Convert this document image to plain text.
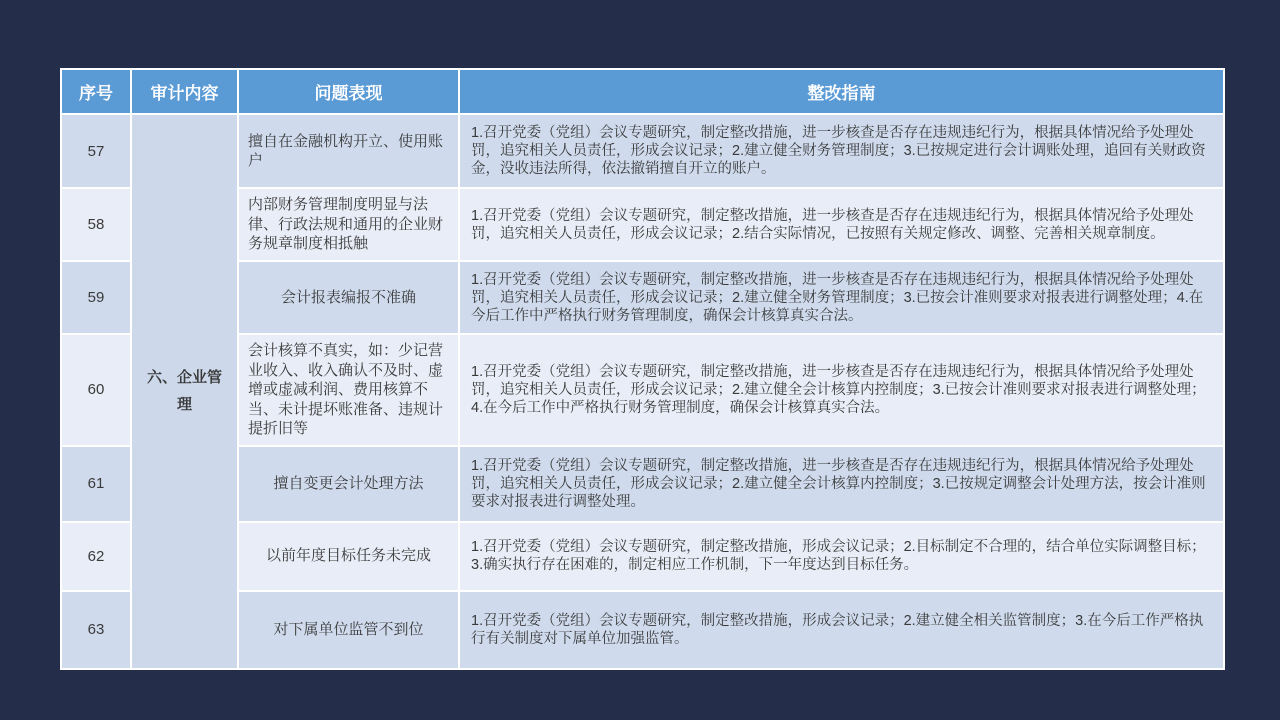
序号	审计内容	问题表现	整改指南
57	六、企业管理	擅自在金融机构开立、使用账户	1.召开党委（党组）会议专题研究，制定整改措施，进一步核查是否存在违规违纪行为，根据具体情况给予处理处罚，追究相关人员责任，形成会议记录；2.建立健全财务管理制度；3.已按规定进行会计调账处理，追回有关财政资金，没收违法所得，依法撤销擅自开立的账户。
58		内部财务管理制度明显与法律、行政法规和通用的企业财务规章制度相抵触	1.召开党委（党组）会议专题研究，制定整改措施，进一步核查是否存在违规违纪行为，根据具体情况给予处理处罚，追究相关人员责任，形成会议记录；2.结合实际情况，已按照有关规定修改、调整、完善相关规章制度。
59		会计报表编报不准确	1.召开党委（党组）会议专题研究，制定整改措施，进一步核查是否存在违规违纪行为，根据具体情况给予处理处罚，追究相关人员责任，形成会议记录；2.建立健全财务管理制度；3.已按会计准则要求对报表进行调整处理；4.在今后工作中严格执行财务管理制度，确保会计核算真实合法。
60		会计核算不真实，如：少记营业收入、收入确认不及时、虚增或虚减利润、费用核算不当、未计提坏账准备、违规计提折旧等	1.召开党委（党组）会议专题研究，制定整改措施，进一步核查是否存在违规违纪行为，根据具体情况给予处理处罚，追究相关人员责任，形成会议记录；2.建立健全会计核算内控制度；3.已按会计准则要求对报表进行调整处理；4.在今后工作中严格执行财务管理制度，确保会计核算真实合法。
61		擅自变更会计处理方法	1.召开党委（党组）会议专题研究，制定整改措施，进一步核查是否存在违规违纪行为，根据具体情况给予处理处罚，追究相关人员责任，形成会议记录；2.建立健全会计核算内控制度；3.已按规定调整会计处理方法，按会计准则要求对报表进行调整处理。
62		以前年度目标任务未完成	1.召开党委（党组）会议专题研究，制定整改措施，形成会议记录；2.目标制定不合理的，结合单位实际调整目标；3.确实执行存在困难的，制定相应工作机制，下一年度达到目标任务。
63		对下属单位监管不到位	1.召开党委（党组）会议专题研究，制定整改措施，形成会议记录；2.建立健全相关监管制度；3.在今后工作严格执行有关制度对下属单位加强监管。
